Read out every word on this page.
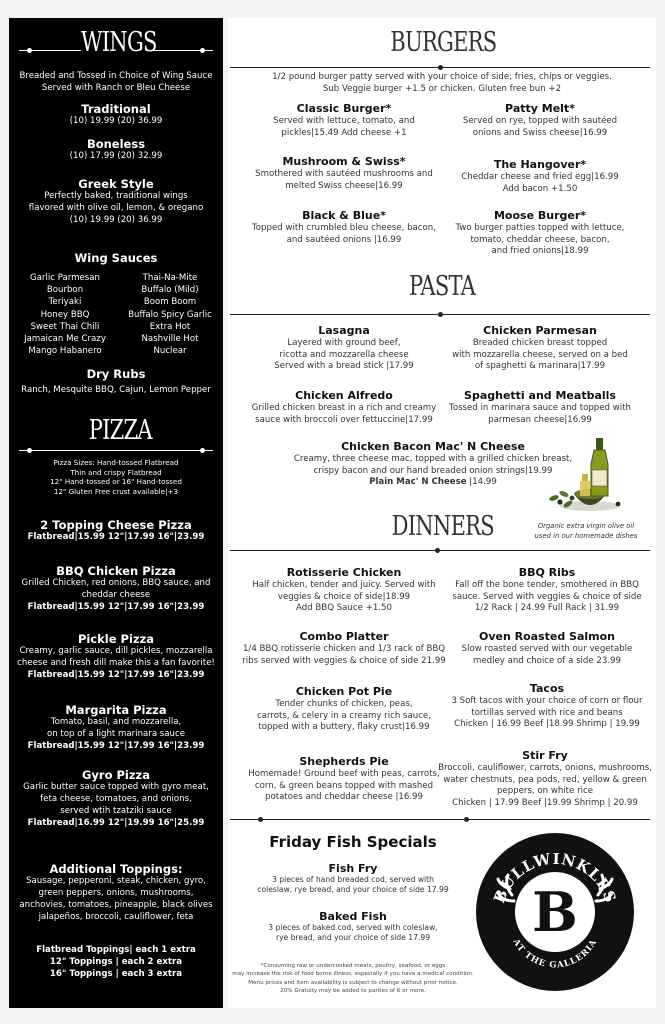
WINGS
Breaded and Tossed in Choice of Wing Sauce
Served with Ranch or Bleu Cheese
Traditional
(10) 19.99 (20) 36.99
Boneless
(10) 17.99 (20) 32.99
Greek Style
Perfectly baked, traditional wings
flavored with olive oil, lemon, & oregano
(10) 19.99 (20) 36.99
Wing Sauces
Garlic Parmesan
Bourbon
Teriyaki
Honey BBQ
Sweet Thai Chili
Jamaican Me Crazy
Mango Habanero
Thai-Na-Mite
Buffalo (Mild)
Boom Boom
Buffalo Spicy Garlic
Extra Hot
Nashville Hot
Nuclear
Dry Rubs
Ranch, Mesquite BBQ, Cajun, Lemon Pepper
PIZZA
Pizza Sizes: Hand-tossed Flatbread
Thin and crispy Flatbread
12" Hand-tossed or 16" Hand-tossed
12" Gluten Free crust available|+3
2 Topping Cheese Pizza
Flatbread|15.99 12"|17.99 16"|23.99
BBQ Chicken Pizza
Grilled Chicken, red onions, BBQ sauce, and
cheddar cheese
Flatbread|15.99 12"|17.99 16"|23.99
Pickle Pizza
Creamy, garlic sauce, dill pickles, mozzarella
cheese and fresh dill make this a fan favorite!
Flatbread|15.99 12"|17.99 16"|23.99
Margarita Pizza
Tomato, basil, and mozzarella,
on top of a light marinara sauce
Flatbread|15.99 12"|17.99 16"|23.99
Gyro Pizza
Garlic butter sauce topped with gyro meat,
feta cheese, tomatoes, and onions,
served wtih tzatziki sauce
Flatbread|16.99 12"|19.99 16"|25.99
Additional Toppings:
Sausage, pepperoni, steak, chicken, gyro,
green peppers, onions, mushrooms,
anchovies, tomatoes, pineapple, black olives
jalapeños, broccoli, cauliflower, feta
Flatbread Toppings| each 1 extra
12" Toppings | each 2 extra
16" Toppings | each 3 extra
BURGERS
1/2 pound burger patty served with your choice of side; fries, chips or veggies.
Sub Veggie burger +1.5 or chicken. Gluten free bun +2
Classic Burger*
Served with lettuce, tomato, and
pickles|15.49 Add cheese +1
Mushroom & Swiss*
Smothered with sautéed mushrooms and
melted Swiss cheese|16.99
Black & Blue*
Topped with crumbled bleu cheese, bacon,
and sautéed onions |16.99
Patty Melt*
Served on rye, topped with sautéed
onions and Swiss cheese|16.99
The Hangover*
Cheddar cheese and fried egg|16.99
Add bacon +1.50
Moose Burger*
Two burger patties topped with lettuce,
tomato, cheddar cheese, bacon,
and fried onions|18.99
PASTA
Lasagna
Layered with ground beef,
ricotta and mozzarella cheese
Served with a bread stick |17.99
Chicken Alfredo
Grilled chicken breast in a rich and creamy
sauce with broccoli over fettuccine|17.99
Chicken Parmesan
Breaded chicken breast topped
with mozzarella cheese, served on a bed
of spaghetti & marinara|17.99
Spaghetti and Meatballs
Tossed in marinara sauce and topped with
parmesan cheese|16.99
Chicken Bacon Mac' N Cheese
Creamy, three cheese mac, topped with a grilled chicken breast,
crispy bacon and our hand breaded onion strings|19.99
Plain Mac' N Cheese |14.99
Organic extra virgin olive oil
used in our homemade dishes
DINNERS
Rotisserie Chicken
Half chicken, tender and juicy. Served with
veggies & choice of side|18.99
Add BBQ Sauce +1.50
Combo Platter
1/4 BBQ rotisserie chicken and 1/3 rack of BBQ
ribs served with veggies & choice of side 21.99
Chicken Pot Pie
Tender chunks of chicken, peas,
carrots, & celery in a creamy rich sauce,
topped with a buttery, flaky crust|16.99
Shepherds Pie
Homemade! Ground beef with peas, carrots,
corn, & green beans topped with mashed
potatoes and cheddar cheese |16.99
BBQ Ribs
Fall off the bone tender, smothered in BBQ
sauce. Served with veggies & choice of side
1/2 Rack | 24.99 Full Rack | 31.99
Oven Roasted Salmon
Slow roasted served with our vegetable
medley and choice of a side 23.99
Tacos
3 Soft tacos with your choice of corn or flour
tortillas served with rice and beans
Chicken | 16.99 Beef |18.99 Shrimp | 19.99
Stir Fry
Broccoli, cauliflower, carrots, onions, mushrooms,
water chestnuts, pea pods, red, yellow & green
peppers, on white rice
Chicken | 17.99 Beef |19.99 Shrimp | 20.99
Friday Fish Specials
Fish Fry
3 pieces of hand breaded cod, served with
coleslaw, rye bread, and your choice of side 17.99
Baked Fish
3 pieces of baked cod, served with coleslaw,
rye bread, and your choice of side 17.99
*Consuming raw or undercooked meats, poultry, seafood, or eggs
may increase the risk of food borne illness, especially if you have a medical condition.
Menu prices and item availability is subject to change without prior notice.
20% Gratuity may be added to parties of 6 or more.
BULLWINKLES
AT THE GALLERIA
B
